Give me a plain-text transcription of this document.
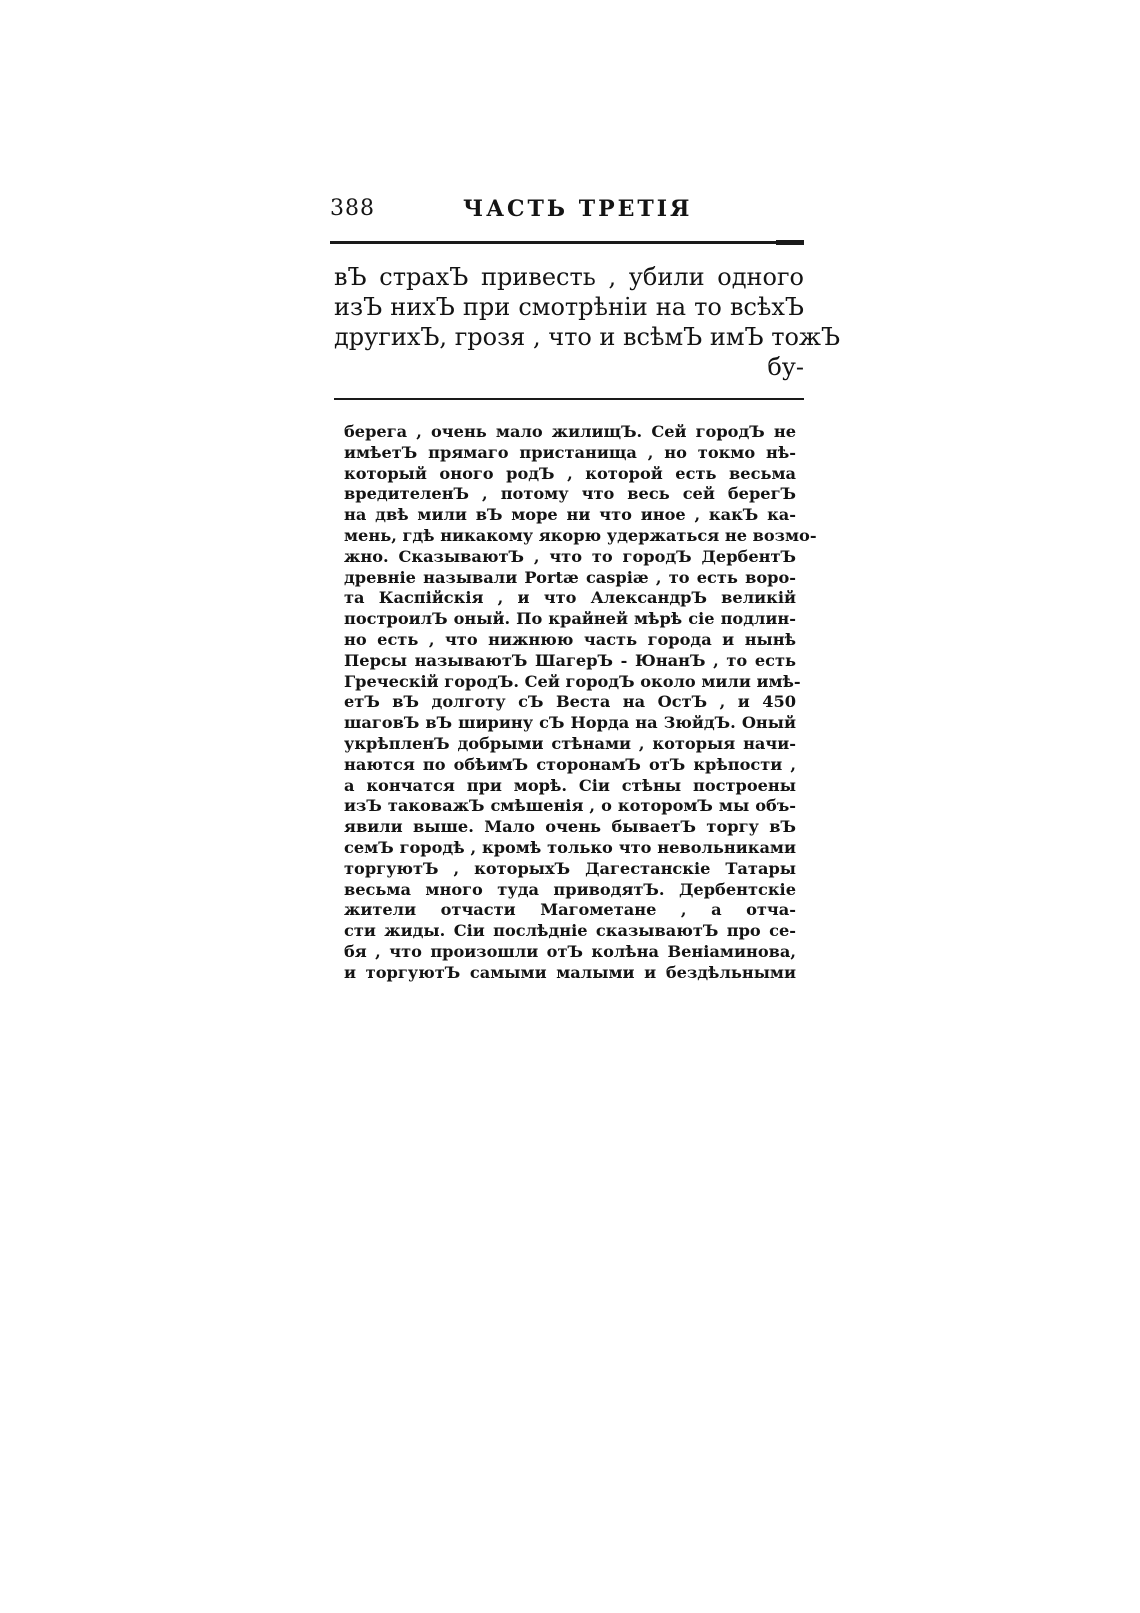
388	ЧАСТЬ ТРЕТІЯ
вЪ страхЪ привесть , убили одного
изЪ нихЪ при смотрѣніи на то всѣхЪ
другихЪ, грозя , что и всѣмЪ имЪ тожЪ
бу-
берега , очень мало жилищЪ. Сей городЪ не
имѣетЪ прямаго пристанища , но токмо нѣ-
который оного родЪ , которой есть весьма
вредителенЪ , потому что весь сей берегЪ
на двѣ мили вЪ море ни что иное , какЪ ка-
мень, гдѣ никакому якорю удержаться не возмо-
жно. СказываютЪ , что то городЪ ДербентЪ
древніе называли Portæ caspiæ , то есть воро-
та Каспійскія , и что АлександрЪ великій
построилЪ оный. По крайней мѣрѣ сіе подлин-
но есть , что нижнюю часть города и нынѣ
Персы называютЪ ШагерЪ - ЮнанЪ , то есть
Греческій городЪ. Сей городЪ около мили имѣ-
етЪ вЪ долготу сЪ Веста на ОстЪ , и 450
шаговЪ вЪ ширину сЪ Норда на ЗюйдЪ. Оный
укрѣпленЪ добрыми стѣнами , которыя начи-
наются по обѣимЪ сторонамЪ отЪ крѣпости ,
а кончатся при морѣ. Сіи стѣны построены
изЪ таковажЪ смѣшенія , о которомЪ мы объ-
явили выше. Мало очень бываетЪ торгу вЪ
семЪ городѣ , кромѣ только что невольниками
торгуютЪ , которыхЪ Дагестанскіе Татары
весьма много туда приводятЪ. Дербентскіе
жители отчасти Магометане , а отча-
сти жиды. Сіи послѣдніе сказываютЪ про се-
бя , что произошли отЪ колѣна Веніаминова,
и торгуютЪ самыми малыми и бездѣльными
